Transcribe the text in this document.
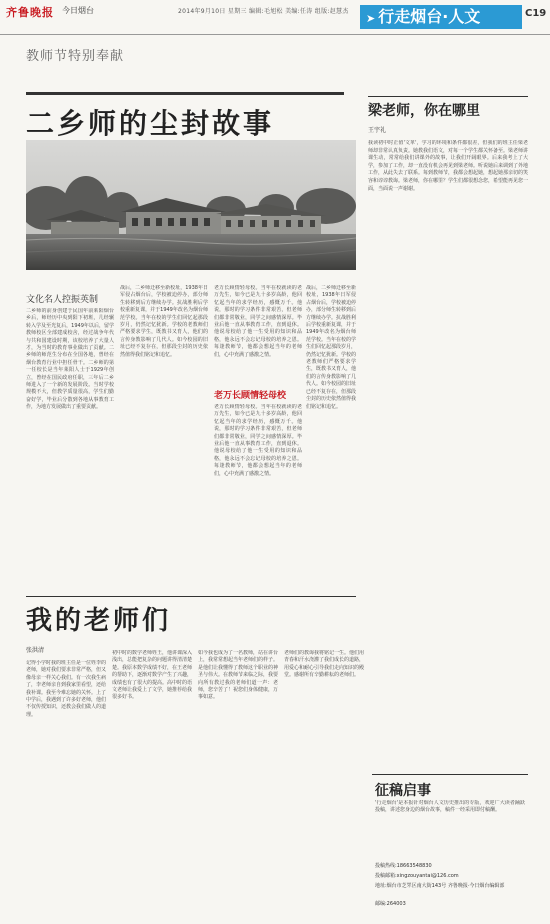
齐鲁晚报 今日烟台	2014年9月10日 星期三 编辑:毛旭松 美编:任涛 组版:赵慧杰
➤ 行走烟台·人文	C19
教师节特别奉献
二乡师的尘封故事
文化名人控振英制
二乡师的前身创建于民国年前莱阳烟台乡后，师经历中央到阳下初班，几经辗转入学及至光复后，1949年以后，留学教师校区全部建成校舍，经过战争年代与共和国建设时期，该校培养了大量人才，为当时的教育事业做出了贡献。二乡师的师范生分布在全国各地，曾经在烟台教育行业中担任骨干。二乡师的第一任校长是当年莱阳人士于1929年创立，曾经在国民政府任职，三年后二乡师进入了一个新的发展阶段。当时学校规模不大，但教学质量很高，学生们勤奋好学，毕业后分散到各地从事教育工作，为地方发展做出了重要贡献。
战后，二乡师迁移至新校址，1938年日军侵占烟台后，学校被迫停办，部分师生转移到后方继续办学。抗战胜利后学校重新复课，并于1949年改名为烟台师范学校。当年在校的学生们回忆起那段岁月，仍然记忆犹新。学校的老教师们严格要求学生，既教书又育人，他们的言传身教影响了几代人。如今校园的旧址已经不复存在，但那段尘封的历史依然值得我们铭记和追忆。
老万长顾情轻母校。当年在校就读的老万先生，如今已是九十多岁高龄，他回忆起当年的求学经历，感慨万千。他说，那时的学习条件非常艰苦，但老师们都非常敬业，同学之间感情深厚。毕业后他一直从事教育工作，直到退休。他说母校给了他一生受用的知识和品格，他永远不会忘记母校的培养之恩。每逢教师节，他都会想起当年的老师们，心中充满了感激之情。
老万长顾情轻母校
老万长顾情轻母校。当年在校就读的老万先生，如今已是九十多岁高龄，他回忆起当年的求学经历，感慨万千。他说，那时的学习条件非常艰苦，但老师们都非常敬业，同学之间感情深厚。毕业后他一直从事教育工作，直到退休。他说母校给了他一生受用的知识和品格，他永远不会忘记母校的培养之恩。每逢教师节，他都会想起当年的老师们，心中充满了感激之情。
战后，二乡师迁移至新校址，1938年日军侵占烟台后，学校被迫停办，部分师生转移到后方继续办学。抗战胜利后学校重新复课，并于1949年改名为烟台师范学校。当年在校的学生们回忆起那段岁月，仍然记忆犹新。学校的老教师们严格要求学生，既教书又育人，他们的言传身教影响了几代人。如今校园的旧址已经不复存在，但那段尘封的历史依然值得我们铭记和追忆。
梁老师，你在哪里
王宇礼
我读初中时正值'文革'，学习的环境和条件都很差，但我们的班主任梁老师却非常认真负责。她教我们语文，对每一个学生都关怀备至。梁老师讲课生动，常常给我们讲课外的故事，让我们开阔眼界。后来我考上了大学，参加了工作，却一直没有机会再见到梁老师。听说她后来调到了外地工作，从此失去了联系。每到教师节，我都会想起她，想起她那亲切的笑容和谆谆教诲。梁老师，你在哪里？学生们都很想念您，希望能再见您一面，当面说一声谢谢。
我的老师们
张洪清
记得小学时我的班主任是一位姓李的老师，她对我们要求非常严格，但又像母亲一样关心我们。有一次我生病了，李老师亲自到我家里看望，还给我补课。我至今难忘她的关怀。上了中学后，我遇到了许多好老师，他们不仅传授知识，还教会我们做人的道理。
初中时的数学老师姓王，他讲课深入浅出，总能把复杂的问题讲得清清楚楚。我原本数学成绩不好，在王老师的帮助下，逐渐对数学产生了兴趣，成绩也有了很大的提高。高中时的语文老师让我爱上了文学，她推荐给我很多好书。
如今我也成为了一名教师，站在讲台上，我常常想起当年老师们的样子。是他们让我懂得了教师这个职业的神圣与伟大。在教师节来临之际，我要向所有教过我的老师们道一声：老师，您辛苦了！祝您们身体健康，万事如意。
老师们的教诲我将铭记一生。他们用青春和汗水浇灌了我们成长的道路，用爱心和耐心引导我们走向知识的殿堂。感谢所有辛勤耕耘的老师们。
征稿启事
'行走烟台'是本报针对烟台人文历史推出的专版，欢迎广大读者踊跃投稿，讲述您身边的烟台故事，稿件一经采用即付稿酬。
投稿热线:18663548830
投稿邮箱:xingzouyantai@126.com
地址:烟台市芝罘区南大街143号 齐鲁晚报·今日烟台编辑部
邮编:264003
